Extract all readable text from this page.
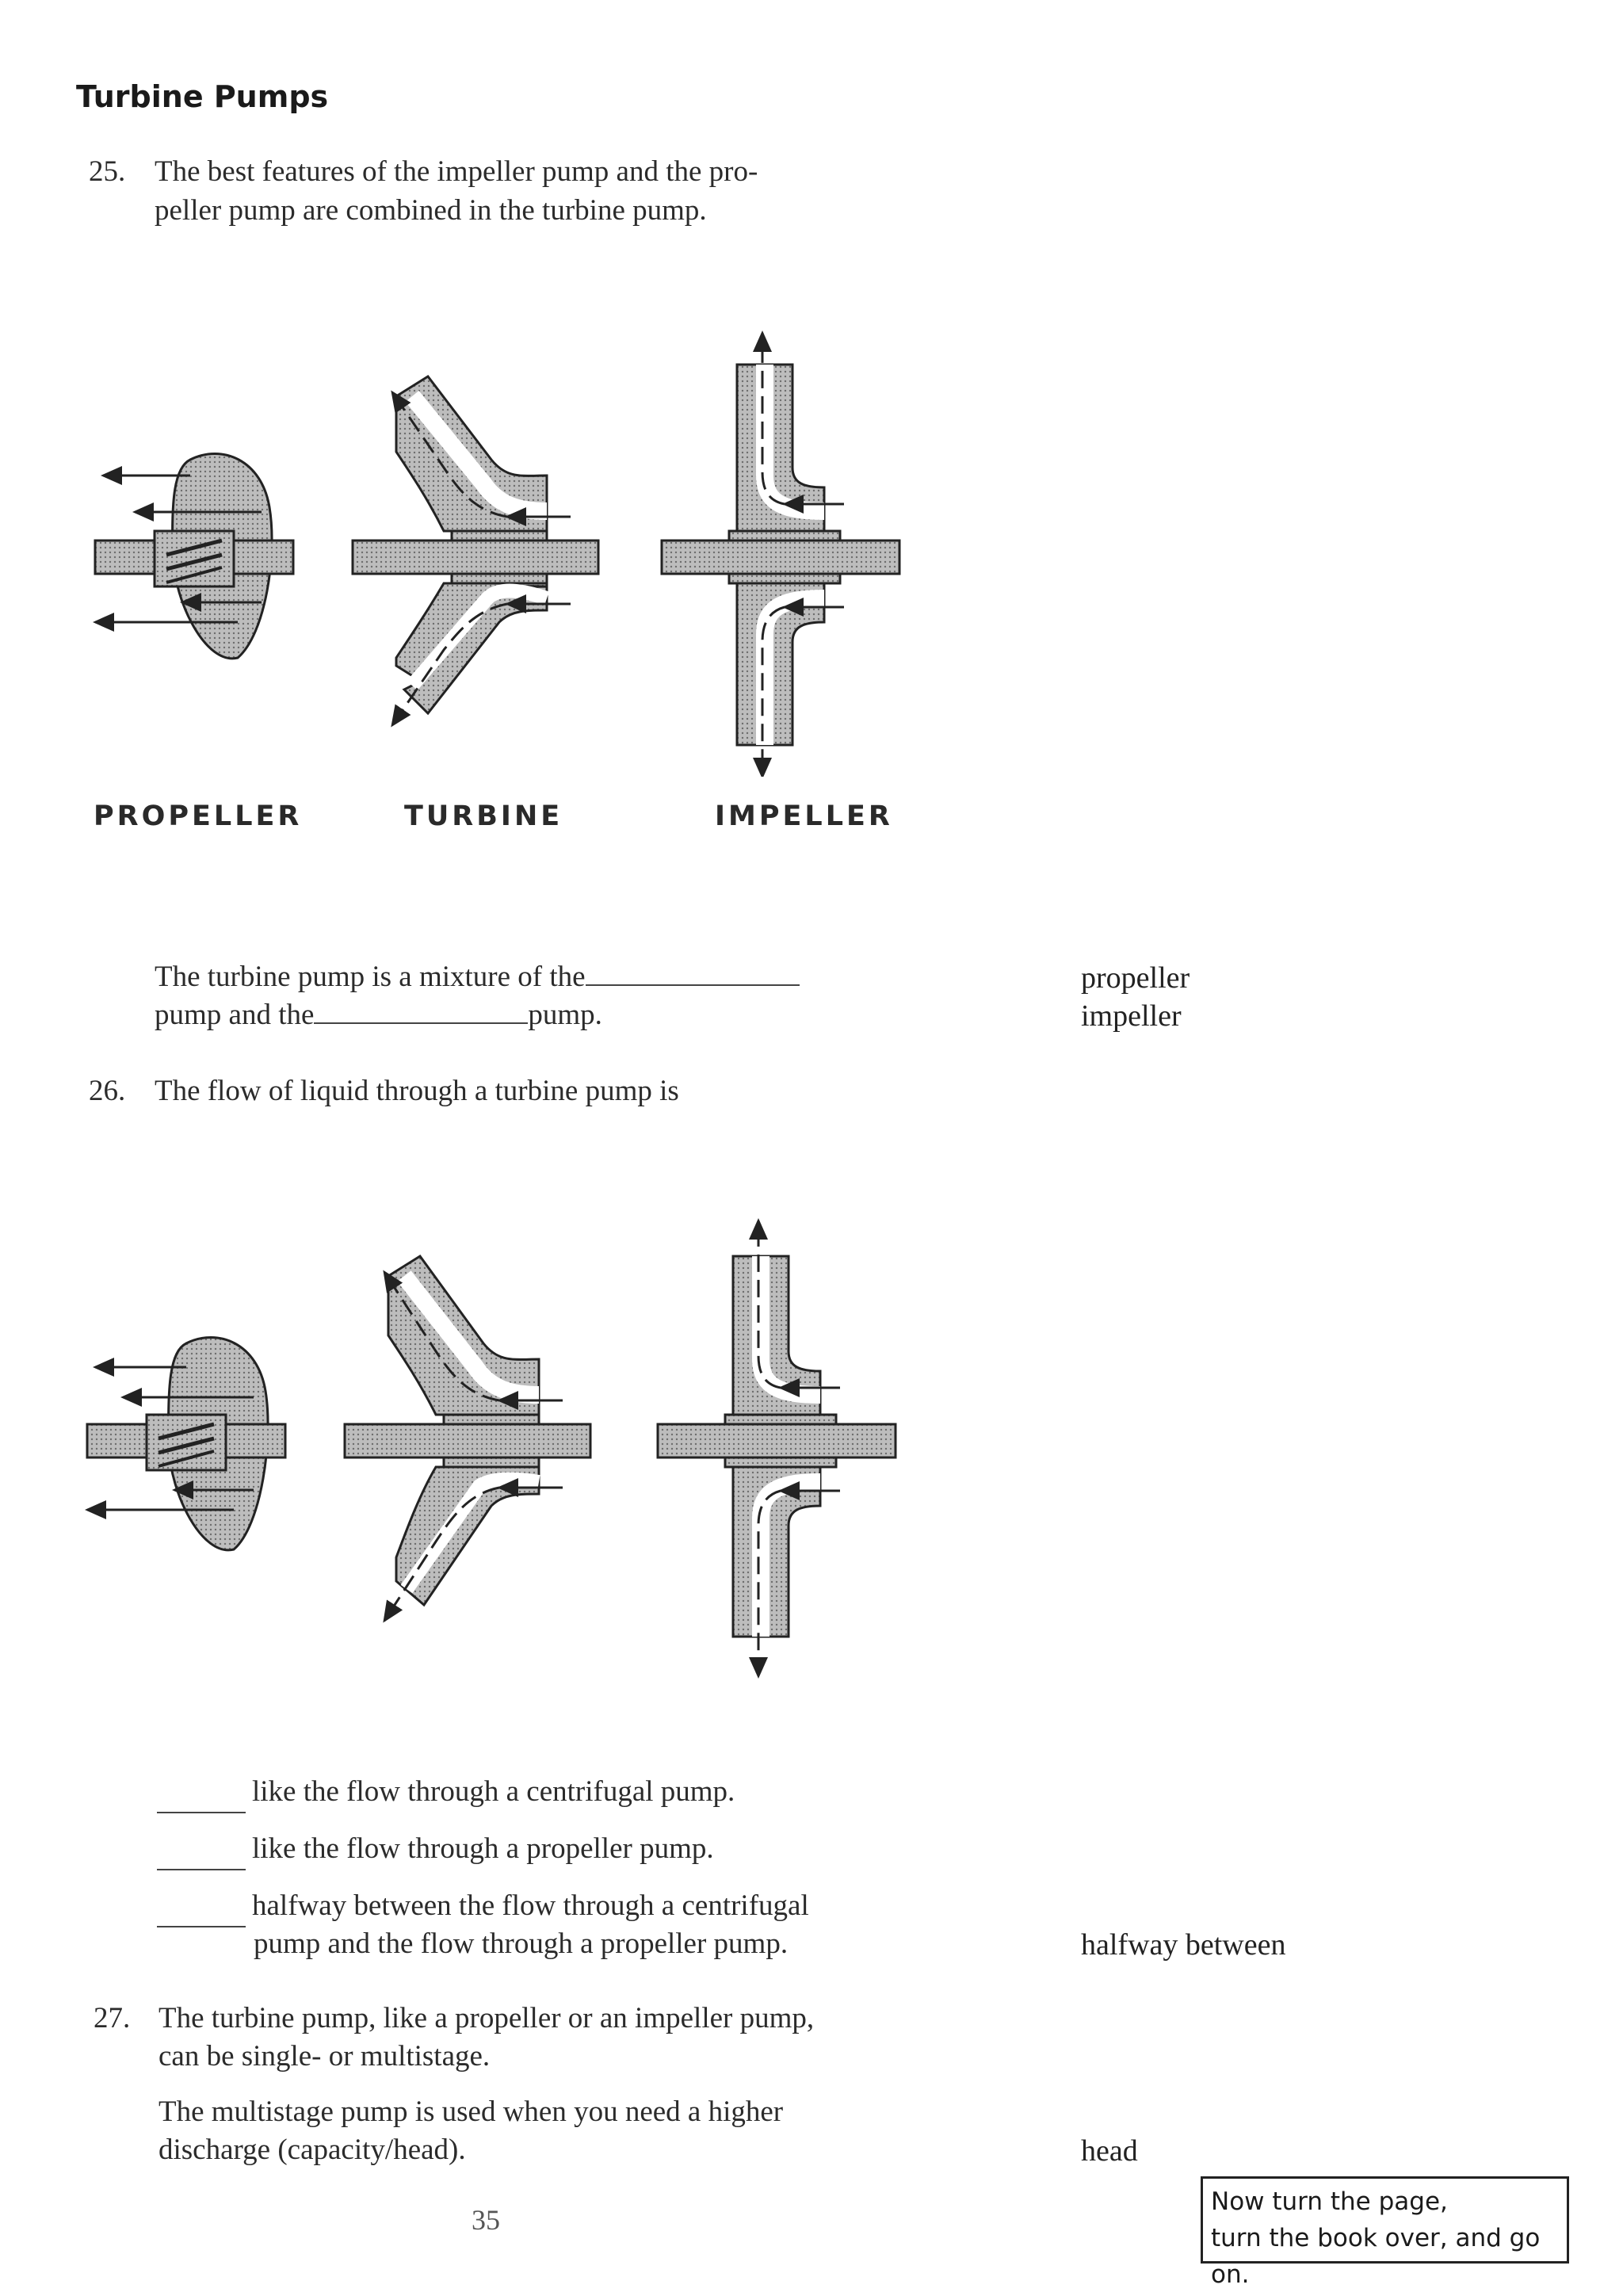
Turbine Pumps
25. The best features of the impeller pump and the pro-
peller pump are combined in the turbine pump.
PROPELLER	TURBINE	IMPELLER
The turbine pump is a mixture of the
pump and the	pump.
propeller
impeller
26. The flow of liquid through a turbine pump is
like the flow through a centrifugal pump.
like the flow through a propeller pump.
halfway between the flow through a centrifugal
pump and the flow through a propeller pump.	halfway between
27. The turbine pump, like a propeller or an impeller pump,
can be single- or multistage.
The multistage pump is used when you need a higher
discharge (capacity/head).	head
35
Now turn the page,
turn the book over, and go on.
